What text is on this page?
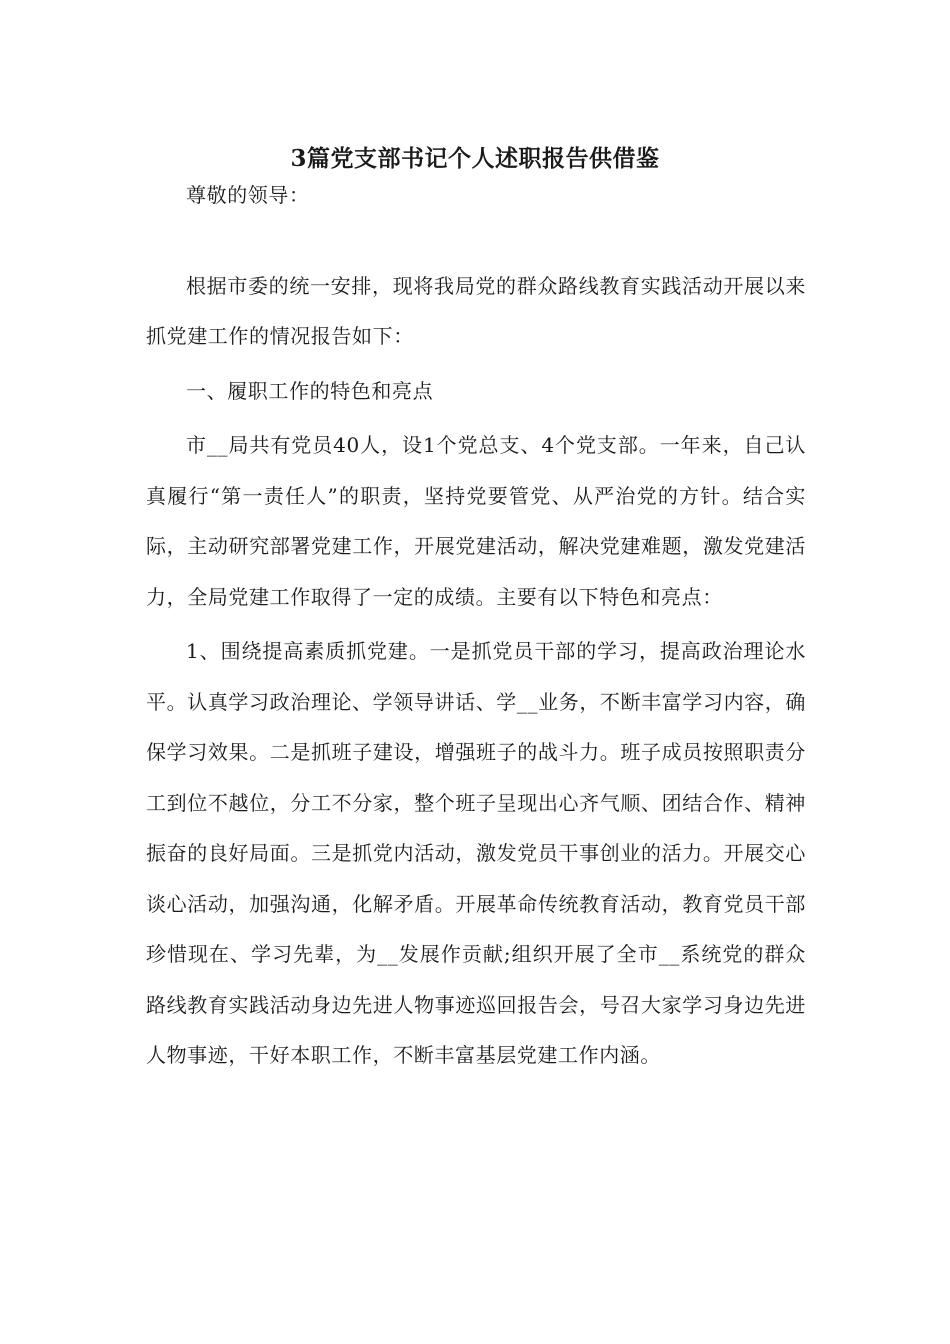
3篇党支部书记个人述职报告供借鉴

尊敬的领导：

根据市委的统一安排，现将我局党的群众路线教育实践活动开展以来抓党建工作的情况报告如下：

一、履职工作的特色和亮点

市__局共有党员40人，设1个党总支、4个党支部。一年来，自己认真履行“第一责任人”的职责，坚持党要管党、从严治党的方针。结合实际，主动研究部署党建工作，开展党建活动，解决党建难题，激发党建活力，全局党建工作取得了一定的成绩。主要有以下特色和亮点：

1、围绕提高素质抓党建。一是抓党员干部的学习，提高政治理论水平。认真学习政治理论、学领导讲话、学__业务，不断丰富学习内容，确保学习效果。二是抓班子建设，增强班子的战斗力。班子成员按照职责分工到位不越位，分工不分家，整个班子呈现出心齐气顺、团结合作、精神振奋的良好局面。三是抓党内活动，激发党员干事创业的活力。开展交心谈心活动，加强沟通，化解矛盾。开展革命传统教育活动，教育党员干部珍惜现在、学习先辈，为__发展作贡献;组织开展了全市__系统党的群众路线教育实践活动身边先进人物事迹巡回报告会，号召大家学习身边先进人物事迹，干好本职工作，不断丰富基层党建工作内涵。
